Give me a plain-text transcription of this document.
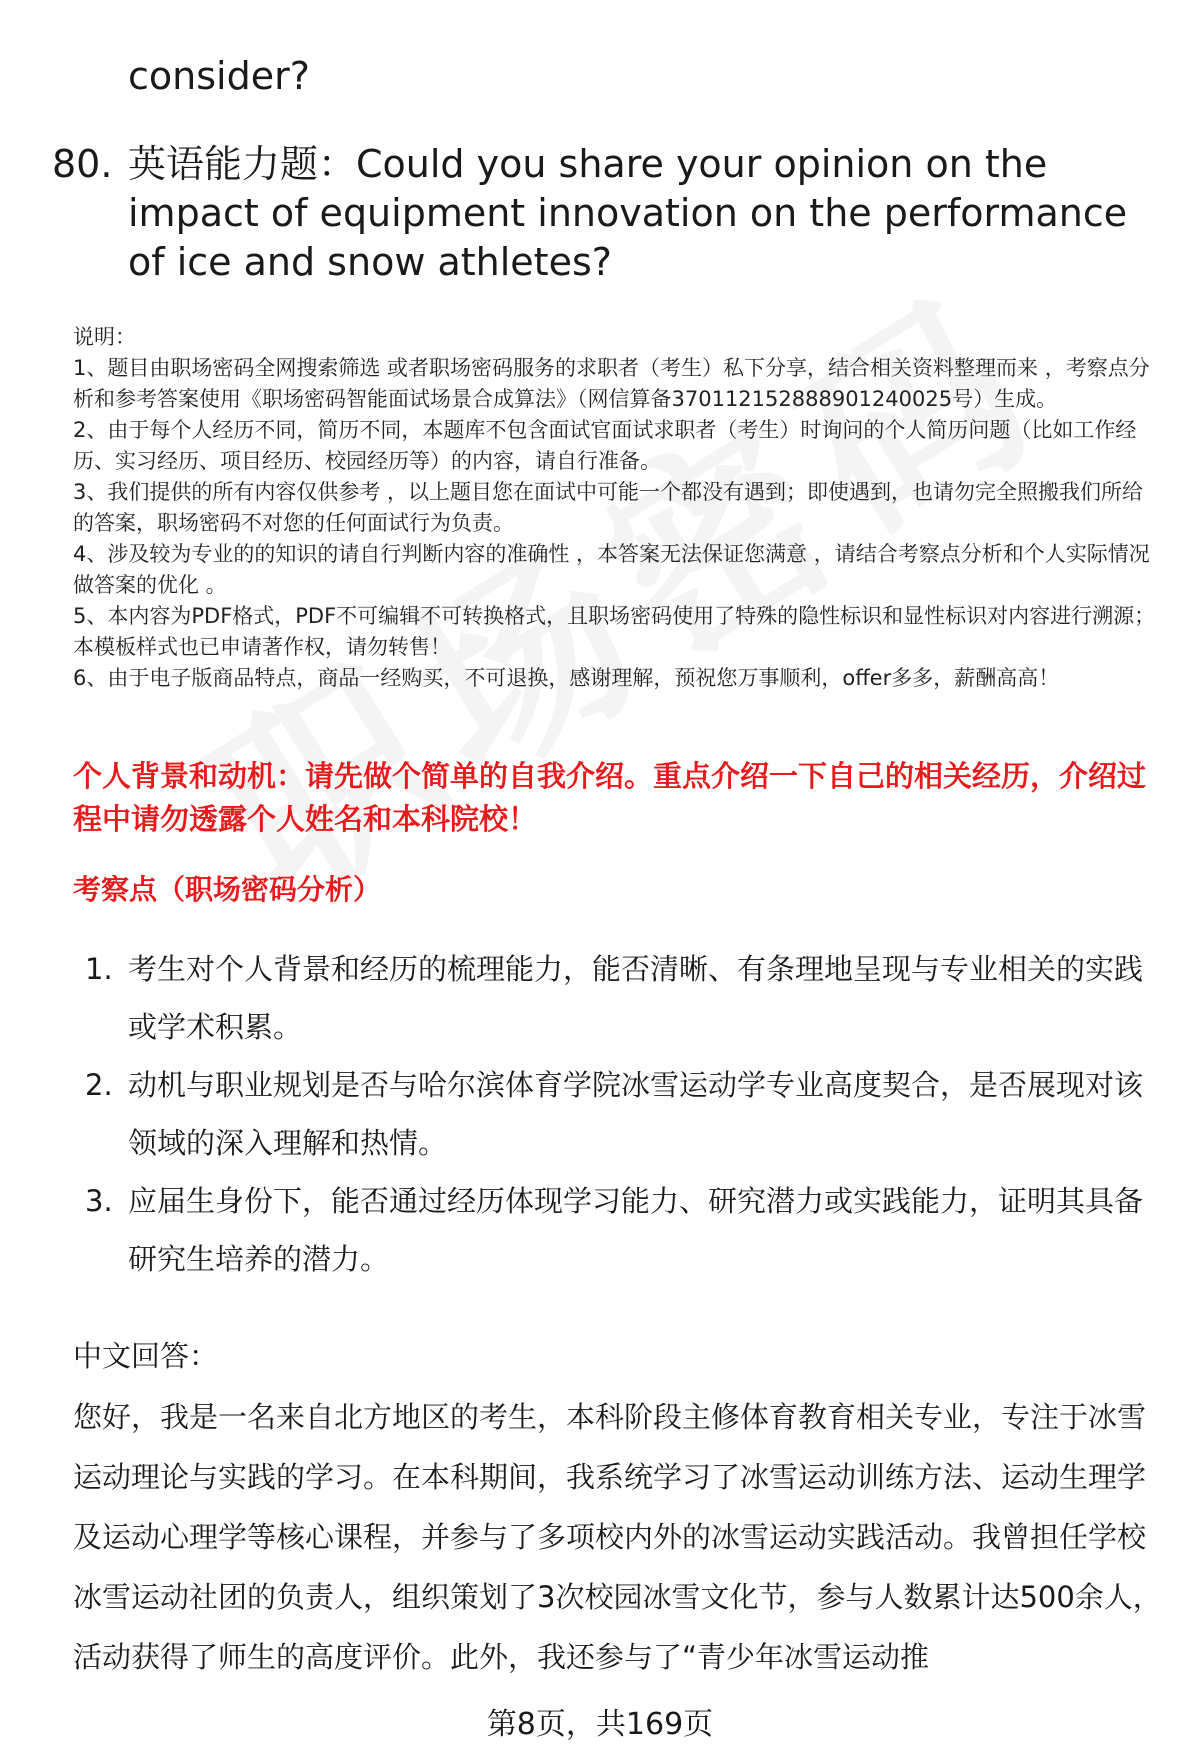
consider?
80. 英语能力题：Could you share your opinion on the impact of equipment innovation on the performance of ice and snow athletes?

说明：

1、题目由职场密码全网搜索筛选 或者职场密码服务的求职者（考生）私下分享，结合相关资料整理而来 ，考察点分析和参考答案使用《职场密码智能面试场景合成算法》（网信算备370112152888901240025号）生成。

2、由于每个人经历不同，简历不同，本题库不包含面试官面试求职者（考生）时询问的个人简历问题（比如工作经历、实习经历、项目经历、校园经历等）的内容，请自行准备。

3、我们提供的所有内容仅供参考 ，以上题目您在面试中可能一个都没有遇到；即使遇到，也请勿完全照搬我们所给的答案，职场密码不对您的任何面试行为负责。

4、涉及较为专业的的知识的请自行判断内容的准确性 ，本答案无法保证您满意 ，请结合考察点分析和个人实际情况做答案的优化 。

5、本内容为PDF格式，PDF不可编辑不可转换格式，且职场密码使用了特殊的隐性标识和显性标识对内容进行溯源；本模板样式也已申请著作权，请勿转售！

6、由于电子版商品特点，商品一经购买，不可退换，感谢理解，预祝您万事顺利，offer多多，薪酬高高！

个人背景和动机：请先做个简单的自我介绍。重点介绍一下自己的相关经历，介绍过程中请勿透露个人姓名和本科院校！
考察点（职场密码分析）
1. 考生对个人背景和经历的梳理能力，能否清晰、有条理地呈现与专业相关的实践或学术积累。
2. 动机与职业规划是否与哈尔滨体育学院冰雪运动学专业高度契合，是否展现对该领域的深入理解和热情。
3. 应届生身份下，能否通过经历体现学习能力、研究潜力或实践能力，证明其具备研究生培养的潜力。
中文回答：
您好，我是一名来自北方地区的考生，本科阶段主修体育教育相关专业，专注于冰雪运动理论与实践的学习。在本科期间，我系统学习了冰雪运动训练方法、运动生理学及运动心理学等核心课程，并参与了多项校内外的冰雪运动实践活动。我曾担任学校冰雪运动社团的负责人，组织策划了3次校园冰雪文化节，参与人数累计达500余人，活动获得了师生的高度评价。此外，我还参与了“青少年冰雪运动推
第8页，共169页
